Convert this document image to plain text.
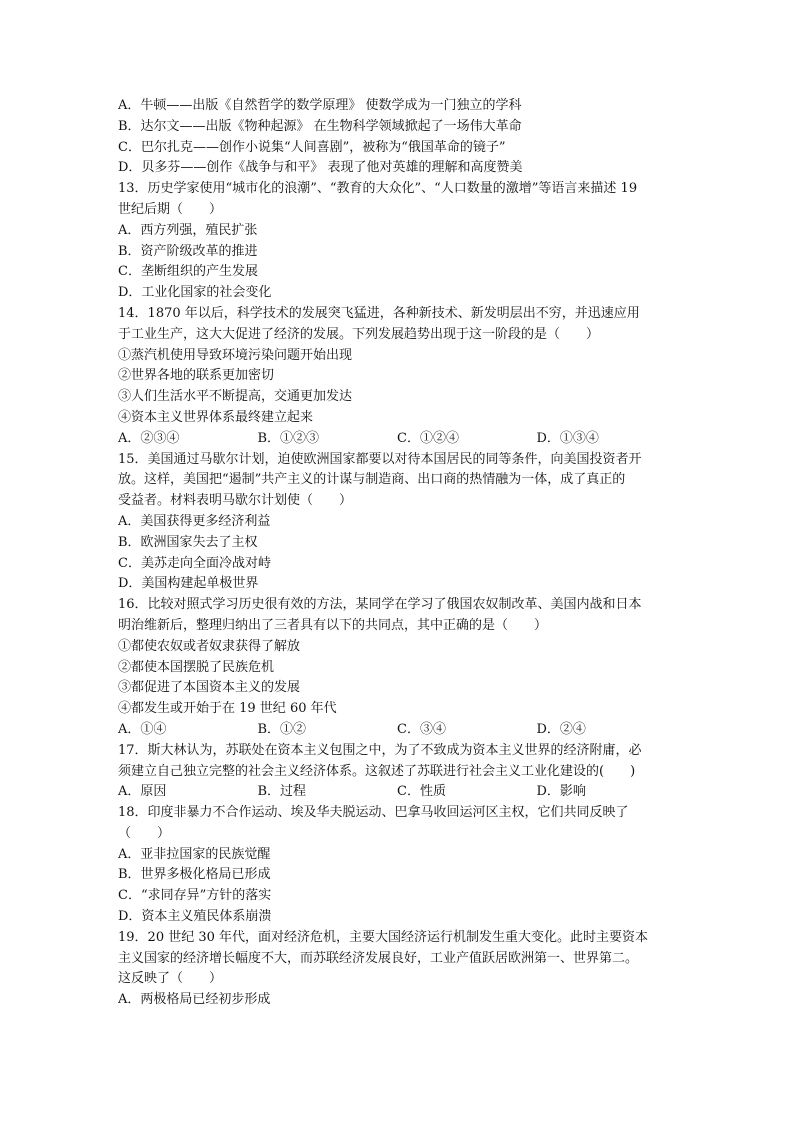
A．牛顿——出版《自然哲学的数学原理》 使数学成为一门独立的学科
B．达尔文——出版《物种起源》 在生物科学领域掀起了一场伟大革命
C．巴尔扎克——创作小说集“人间喜剧”，被称为“俄国革命的镜子”
D．贝多芬——创作《战争与和平》 表现了他对英雄的理解和高度赞美
13．历史学家使用“城市化的浪潮”、“教育的大众化”、“人口数量的激增”等语言来描述 19
世纪后期（　　）
A．西方列强，殖民扩张
B．资产阶级改革的推进
C．垄断组织的产生发展
D．工业化国家的社会变化
14．1870 年以后，科学技术的发展突飞猛进，各种新技术、新发明层出不穷，并迅速应用
于工业生产，这大大促进了经济的发展。下列发展趋势出现于这一阶段的是（　　）
①蒸汽机使用导致环境污染问题开始出现
②世界各地的联系更加密切
③人们生活水平不断提高，交通更加发达
④资本主义世界体系最终建立起来
A．②③④	B．①②③	C．①②④	D．①③④
15．美国通过马歇尔计划，迫使欧洲国家都要以对待本国居民的同等条件，向美国投资者开
放。这样，美国把“遏制”共产主义的计谋与制造商、出口商的热情融为一体，成了真正的
受益者。材料表明马歇尔计划使（　　）
A．美国获得更多经济利益
B．欧洲国家失去了主权
C．美苏走向全面冷战对峙
D．美国构建起单极世界
16．比较对照式学习历史很有效的方法，某同学在学习了俄国农奴制改革、美国内战和日本
明治维新后，整理归纳出了三者具有以下的共同点，其中正确的是（　　）
①都使农奴或者奴隶获得了解放
②都使本国摆脱了民族危机
③都促进了本国资本主义的发展
④都发生或开始于在 19 世纪 60 年代
A．①④	B．①②	C．③④	D．②④
17．斯大林认为，苏联处在资本主义包围之中，为了不致成为资本主义世界的经济附庸，必
须建立自己独立完整的社会主义经济体系。这叙述了苏联进行社会主义工业化建设的(　　)
A．原因	B．过程	C．性质	D．影响
18．印度非暴力不合作运动、埃及华夫脱运动、巴拿马收回运河区主权，它们共同反映了
（　　）
A．亚非拉国家的民族觉醒
B．世界多极化格局已形成
C．“求同存异”方针的落实
D．资本主义殖民体系崩溃
19．20 世纪 30 年代，面对经济危机，主要大国经济运行机制发生重大变化。此时主要资本
主义国家的经济增长幅度不大，而苏联经济发展良好，工业产值跃居欧洲第一、世界第二。
这反映了（　　）
A．两极格局已经初步形成
